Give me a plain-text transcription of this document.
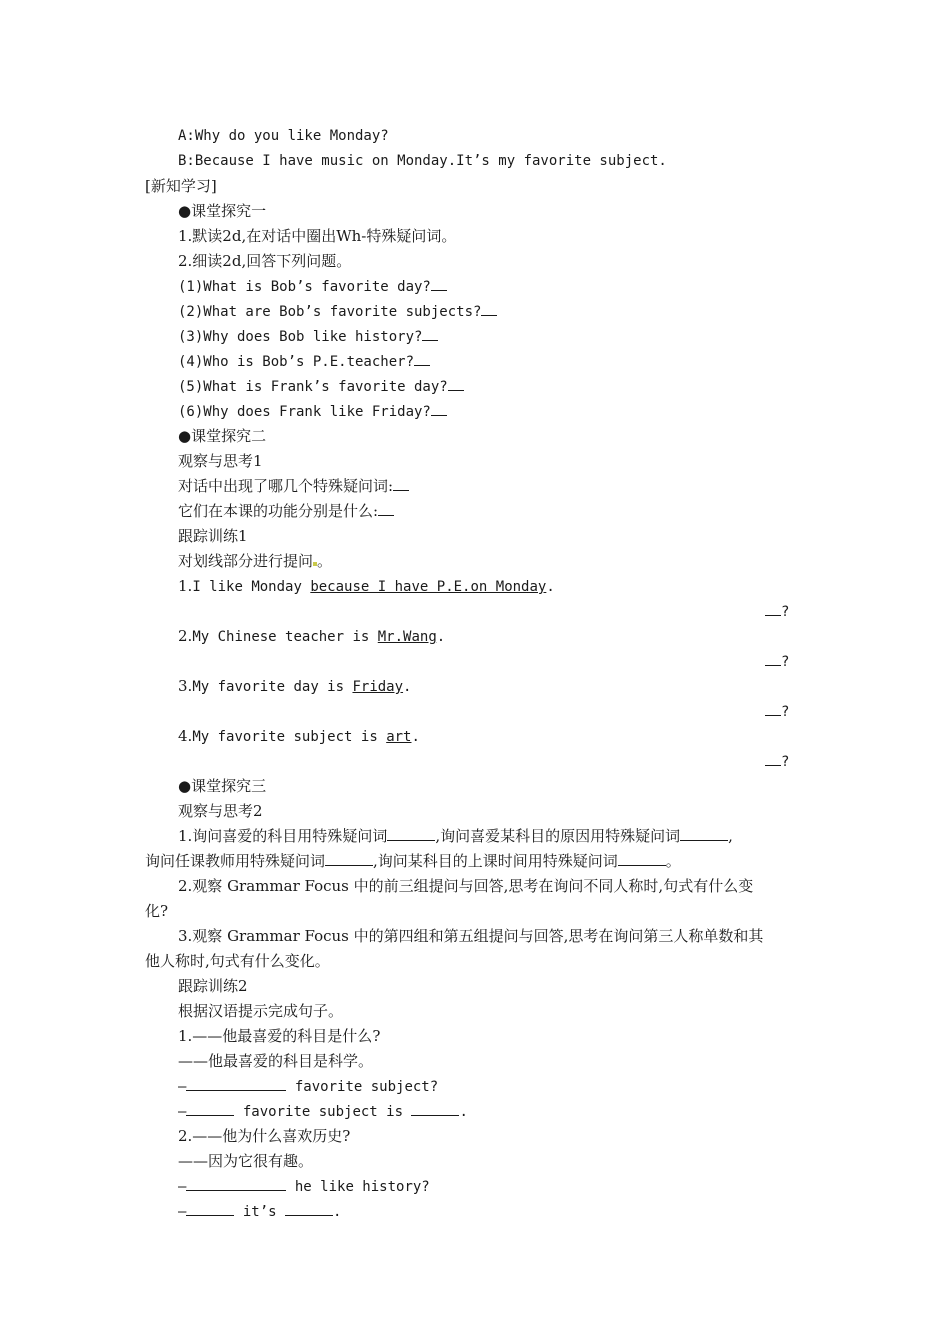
A:Why do you like Monday?
B:Because I have music on Monday.It’s my favorite subject.
[新知学习]
●课堂探究一
1.默读2d,在对话中圈出Wh-特殊疑问词。
2.细读2d,回答下列问题。
(1)What is Bob’s favorite day?
(2)What are Bob’s favorite subjects?
(3)Why does Bob like history?
(4)Who is Bob’s P.E.teacher?
(5)What is Frank’s favorite day?
(6)Why does Frank like Friday?
●课堂探究二
观察与思考1
对话中出现了哪几个特殊疑问词:
它们在本课的功能分别是什么:
跟踪训练1
对划线部分进行提问 。
1.I like Monday because I have P.E.on Monday.
?
2.My Chinese teacher is Mr.Wang.
?
3.My favorite day is Friday.
?
4.My favorite subject is art.
?
●课堂探究三
观察与思考2
1.询问喜爱的科目用特殊疑问词	,询问喜爱某科目的原因用特殊疑问词	,
询问任课教师用特殊疑问词	,询问某科目的上课时间用特殊疑问词	。
2.观察 Grammar Focus 中的前三组提问与回答,思考在询问不同人称时,句式有什么变
化?
3.观察 Grammar Focus 中的第四组和第五组提问与回答,思考在询问第三人称单数和其
他人称时,句式有什么变化。
跟踪训练2
根据汉语提示完成句子。
1.——他最喜爱的科目是什么?
——他最喜爱的科目是科学。
—	favorite subject?
—	favorite subject is	.
2.——他为什么喜欢历史?
——因为它很有趣。
—	he like history?
—	it’s	.
